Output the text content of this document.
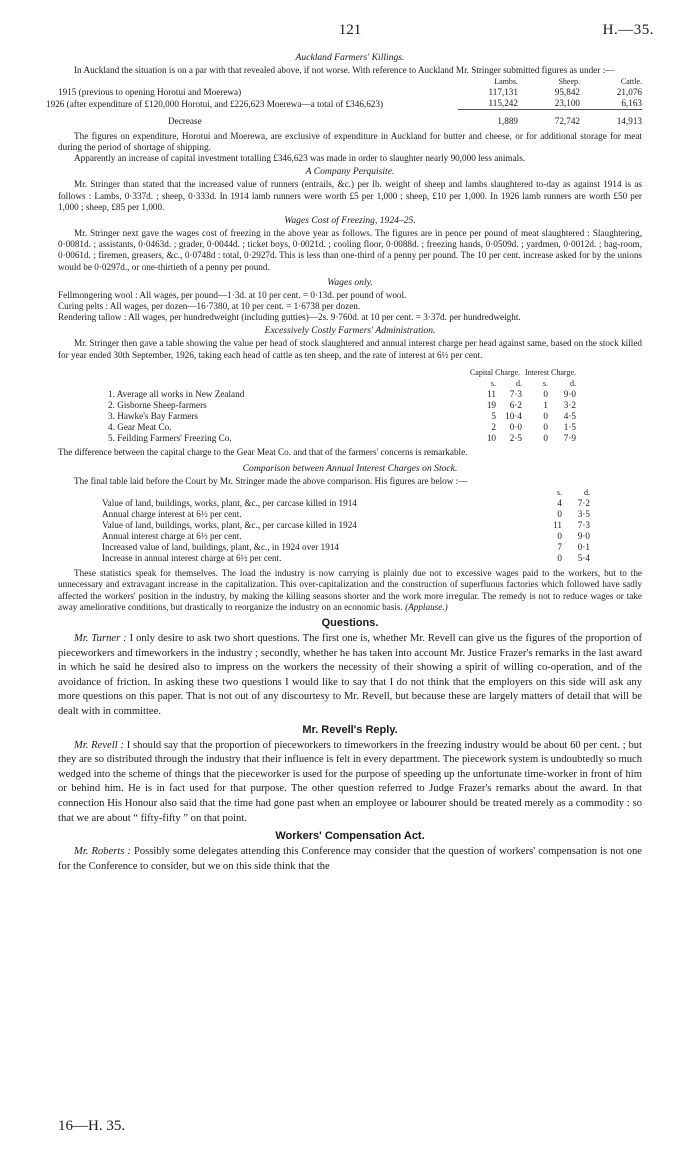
121	H.—35.
Auckland Farmers' Killings.

In Auckland the situation is on a par with that revealed above, if not worse. With reference to Auckland Mr. Stringer submitted figures as under :—

	Lambs.	Sheep.	Cattle.
1915 (previous to opening Horotui and Moerewa)	117,131	95,842	21,076
1926 (after expenditure of £120,000 Horotui, and £226,623 Moerewa—a total of £346,623)	115,242	23,100	6,163
Decrease	1,889	72,742	14,913

The figures on expenditure, Horotui and Moerewa, are exclusive of expenditure in Auckland for butter and cheese, or for additional storage for meat during the period of shortage of shipping.

Apparently an increase of capital investment totalling £346,623 was made in order to slaughter nearly 90,000 less animals.

A Company Perquisite.

Mr. Stringer than stated that the increased value of runners (entrails, &c.) per lb. weight of sheep and lambs slaughtered to-day as against 1914 is as follows : Lambs, 0·337d. ; sheep, 0·333d. In 1914 lamb runners were worth £5 per 1,000 ; sheep, £10 per 1,000. In 1926 lamb runners are worth £50 per 1,000 ; sheep, £85 per 1,000.

Wages Cost of Freezing, 1924–25.

Mr. Stringer next gave the wages cost of freezing in the above year as follows. The figures are in pence per pound of meat slaughtered : Slaughtering, 0·0081d. ; assistants, 0·0463d. ; grader, 0·0044d. ; ticket boys, 0·0021d. ; cooling floor, 0·0088d. ; freezing hands, 0·0509d. ; yardmen, 0·0012d. ; bag-room, 0·0061d. ; firemen, greasers, &c., 0·0748d : total, 0·2927d. This is less than one-third of a penny per pound. The 10 per cent. increase asked for by the unions would be 0·0297d., or one-thirtieth of a penny per pound.

Wages only.

Fellmongering wool : All wages, per pound—1·3d. at 10 per cent. = 0·13d. per pound of wool.

Curing pelts : All wages, per dozen—16·7380, at 10 per cent. = 1·6738 per dozen.

Rendering tallow : All wages, per hundredweight (including gutties)—2s. 9·760d. at 10 per cent. = 3·37d. per hundredweight.

Excessively Costly Farmers' Administration.

Mr. Stringer then gave a table showing the value per head of stock slaughtered and annual interest charge per head against same, based on the stock killed for year ended 30th September, 1926, taking each head of cattle as ten sheep, and the rate of interest at 6½ per cent.

		Capital Charge.		Interest Charge.		
		s.	d.	s.	d.	
	1. Average all works in New Zealand	11	7·3	0	9·0	
	2. Gisborne Sheep-farmers	19	6·2	1	3·2	
	3. Hawke's Bay Farmers	5	10·4	0	4·5	
	4. Gear Meat Co.	2	0·0	0	1·5	
	5. Feilding Farmers' Freezing Co.	10	2·5	0	7·9	

The difference between the capital charge to the Gear Meat Co. and that of the farmers' concerns is remarkable.

Comparison between Annual Interest Charges on Stock.

The final table laid before the Court by Mr. Stringer made the above comparison. His figures are below :—

		s.	d.	
	Value of land, buildings, works, plant, &c., per carcase killed in 1914	4	7·2	
	Annual charge interest at 6½ per cent.	0	3·5	
	Value of land, buildings, works, plant, &c., per carcase killed in 1924	11	7·3	
	Annual interest charge at 6½ per cent.	0	9·0	
	Increased value of land, buildings, plant, &c., in 1924 over 1914	7	0·1	
	Increase in annual interest charge at 6½ per cent.	0	5·4	

These statistics speak for themselves. The load the industry is now carrying is plainly due not to excessive wages paid to the workers, but to the unnecessary and extravagant increase in the capitalization. This over-capitalization and the construction of superfluous factories which followed have sadly affected the workers' position in the industry, by making the killing seasons shorter and the work more irregular. The remedy is not to reduce wages or take away ameliorative conditions, but drastically to reorganize the industry on an economic basis. (Applause.)

Questions.

Mr. Turner : I only desire to ask two short questions. The first one is, whether Mr. Revell can give us the figures of the proportion of pieceworkers and timeworkers in the industry ; secondly, whether he has taken into account Mr. Justice Frazer's remarks in the last award in which he said he desired also to impress on the workers the necessity of their showing a spirit of willing co-operation, and of the avoidance of friction. In asking these two questions I would like to say that I do not think that the employers on this side will ask any more questions on this paper. That is not out of any discourtesy to Mr. Revell, but because these are largely matters of detail that will be dealt with in committee.

Mr. Revell's Reply.

Mr. Revell : I should say that the proportion of pieceworkers to timeworkers in the freezing industry would be about 60 per cent. ; but they are so distributed through the industry that their influence is felt in every department. The piecework system is undoubtedly so much wedged into the scheme of things that the pieceworker is used for the purpose of speeding up the unfortunate time-worker in front of him or behind him. He is in fact used for that purpose. The other question referred to Judge Frazer's remarks about the award. In that connection His Honour also said that the time had gone past when an employee or labourer should be treated merely as a commodity : so that we are about “ fifty-fifty ” on that point.

Workers' Compensation Act.

Mr. Roberts : Possibly some delegates attending this Conference may consider that the question of workers' compensation is not one for the Conference to consider, but we on this side think that the

16—H. 35.
